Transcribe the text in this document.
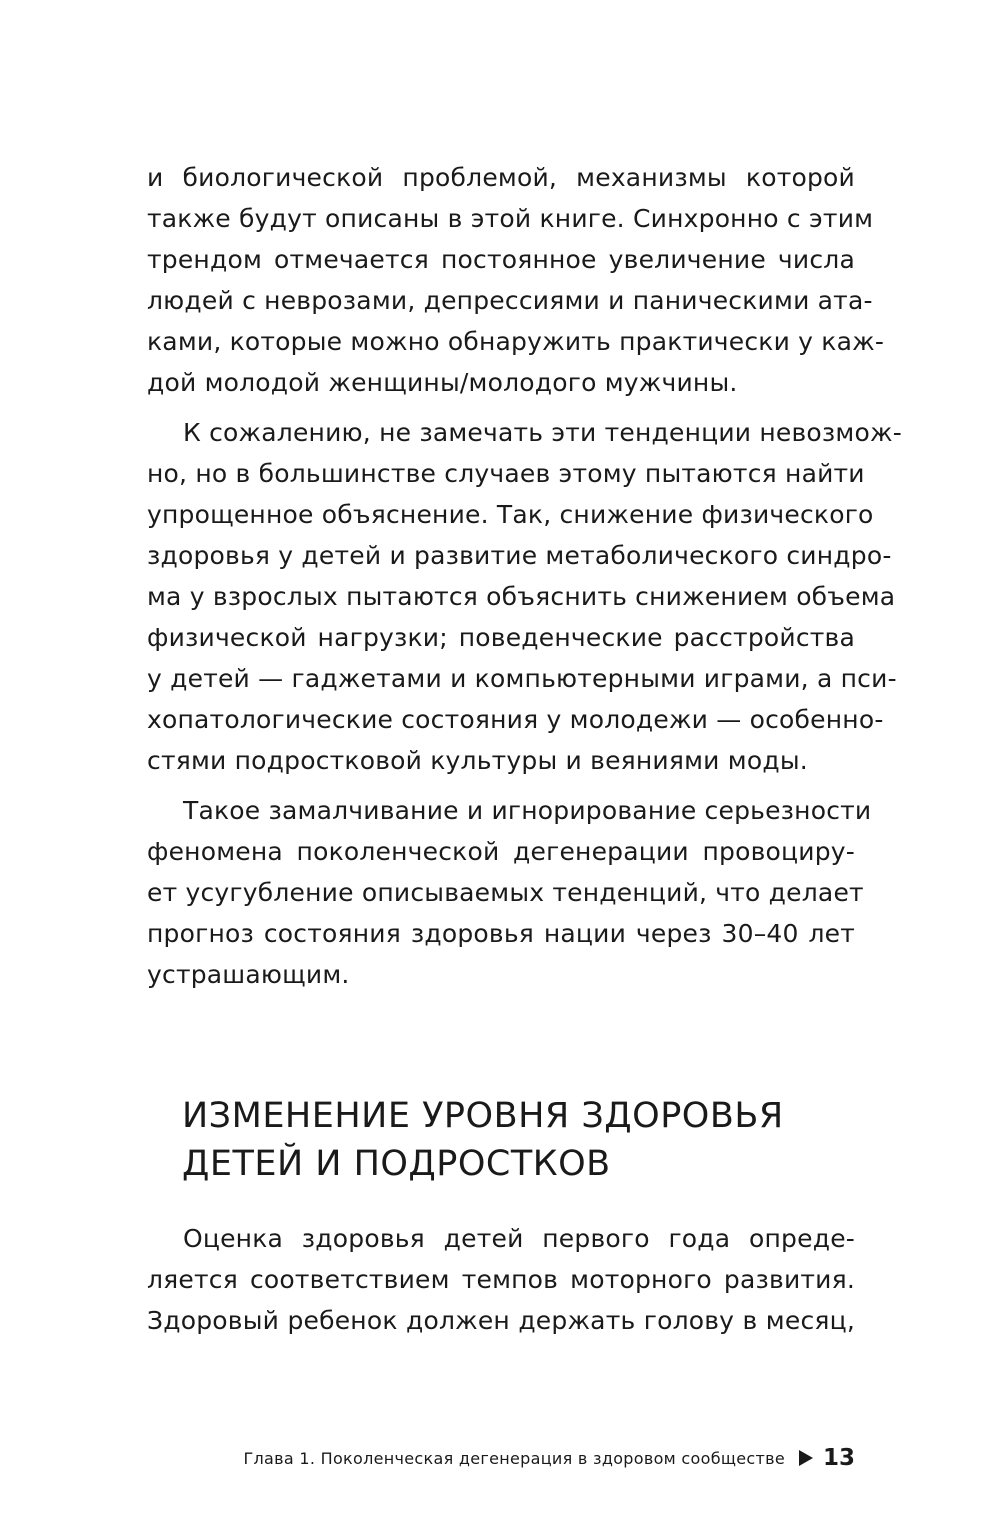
и биологической проблемой, механизмы которой
также будут описаны в этой книге. Синхронно с этим
трендом отмечается постоянное увеличение числа
людей с неврозами, депрессиями и паническими ата-
ками, которые можно обнаружить практически у каж-
дой молодой женщины/молодого мужчины.
К сожалению, не замечать эти тенденции невозмож-
но, но в большинстве случаев этому пытаются найти
упрощенное объяснение. Так, снижение физического
здоровья у детей и развитие метаболического синдро-
ма у взрослых пытаются объяснить снижением объема
физической нагрузки; поведенческие расстройства
у детей — гаджетами и компьютерными играми, а пси-
хопатологические состояния у молодежи — особенно-
стями подростковой культуры и веяниями моды.
Такое замалчивание и игнорирование серьезности
феномена поколенческой дегенерации провоциру-
ет усугубление описываемых тенденций, что делает
прогноз состояния здоровья нации через 30–40 лет
устрашающим.
ИЗМЕНЕНИЕ УРОВНЯ ЗДОРОВЬЯ
ДЕТЕЙ И ПОДРОСТКОВ
Оценка здоровья детей первого года опреде-
ляется соответствием темпов моторного развития.
Здоровый ребенок должен держать голову в месяц,
Глава 1. Поколенческая дегенерация в здоровом сообществе 13
